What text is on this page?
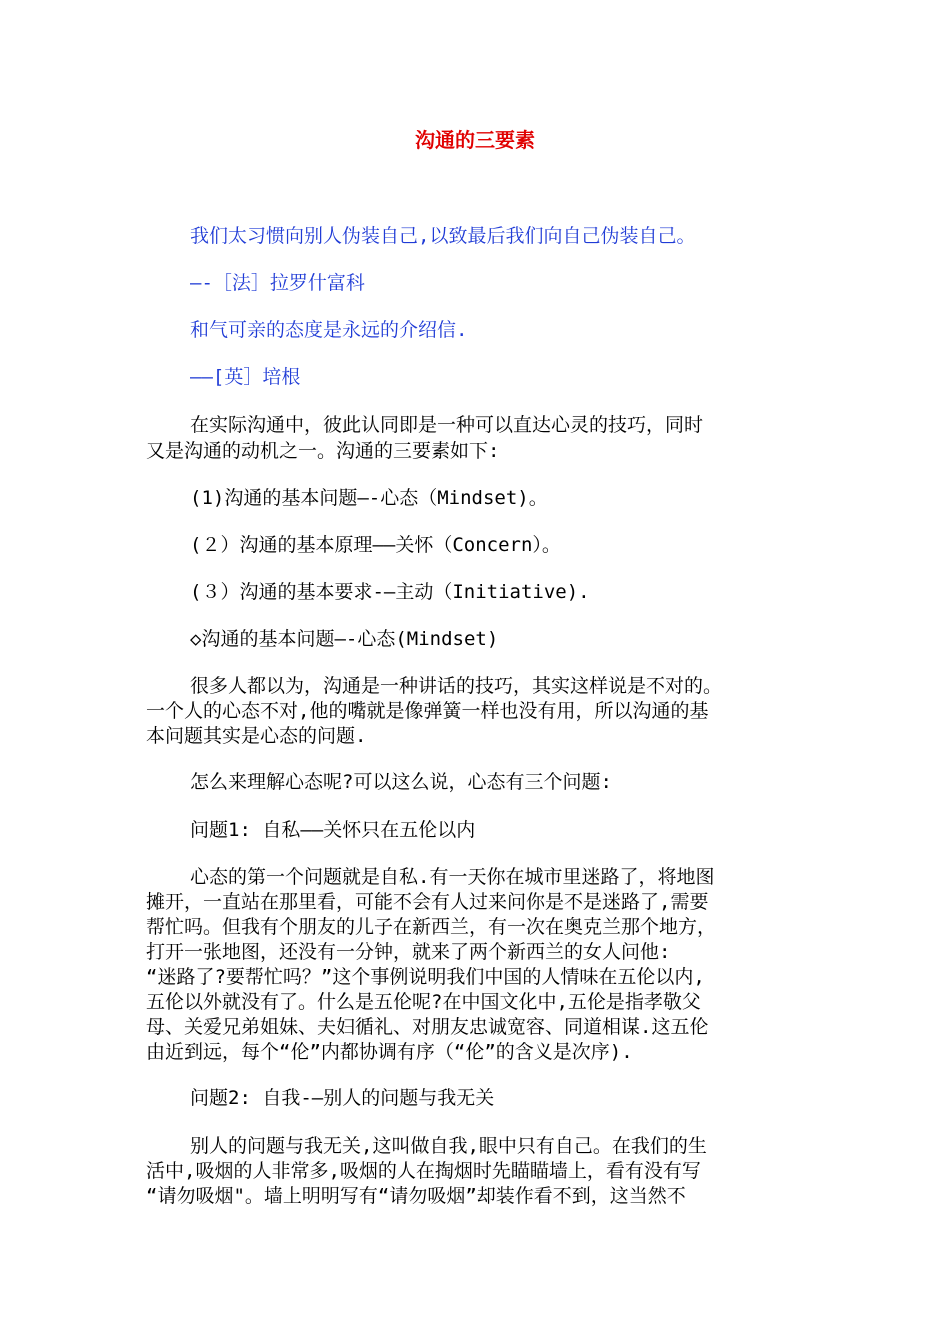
沟通的三要素
我们太习惯向别人伪装自己,以致最后我们向自己伪装自己。
—-［法］拉罗什富科
和气可亲的态度是永远的介绍信.
——[英］培根
在实际沟通中，彼此认同即是一种可以直达心灵的技巧，同时
又是沟通的动机之一。沟通的三要素如下:
(1)沟通的基本问题—-心态（Mindset)。
(２）沟通的基本原理——关怀（Concern）。
(３）沟通的基本要求-—主动（Initiative).
◇沟通的基本问题—-心态(Mindset)
很多人都以为，沟通是一种讲话的技巧，其实这样说是不对的。
一个人的心态不对,他的嘴就是像弹簧一样也没有用，所以沟通的基
本问题其实是心态的问题.
怎么来理解心态呢?可以这么说，心态有三个问题:
问题1: 自私——关怀只在五伦以内
心态的第一个问题就是自私.有一天你在城市里迷路了，将地图
摊开，一直站在那里看，可能不会有人过来问你是不是迷路了,需要
帮忙吗。但我有个朋友的儿子在新西兰，有一次在奥克兰那个地方，
打开一张地图，还没有一分钟，就来了两个新西兰的女人问他:
“迷路了?要帮忙吗？”这个事例说明我们中国的人情味在五伦以内,
五伦以外就没有了。什么是五伦呢?在中国文化中,五伦是指孝敬父
母、关爱兄弟姐妹、夫妇循礼、对朋友忠诚宽容、同道相谋.这五伦
由近到远，每个“伦”内都协调有序（“伦”的含义是次序).
问题2: 自我-—别人的问题与我无关
别人的问题与我无关,这叫做自我,眼中只有自己。在我们的生
活中,吸烟的人非常多,吸烟的人在掏烟时先瞄瞄墙上，看有没有写
“请勿吸烟"。墙上明明写有“请勿吸烟”却装作看不到，这当然不
